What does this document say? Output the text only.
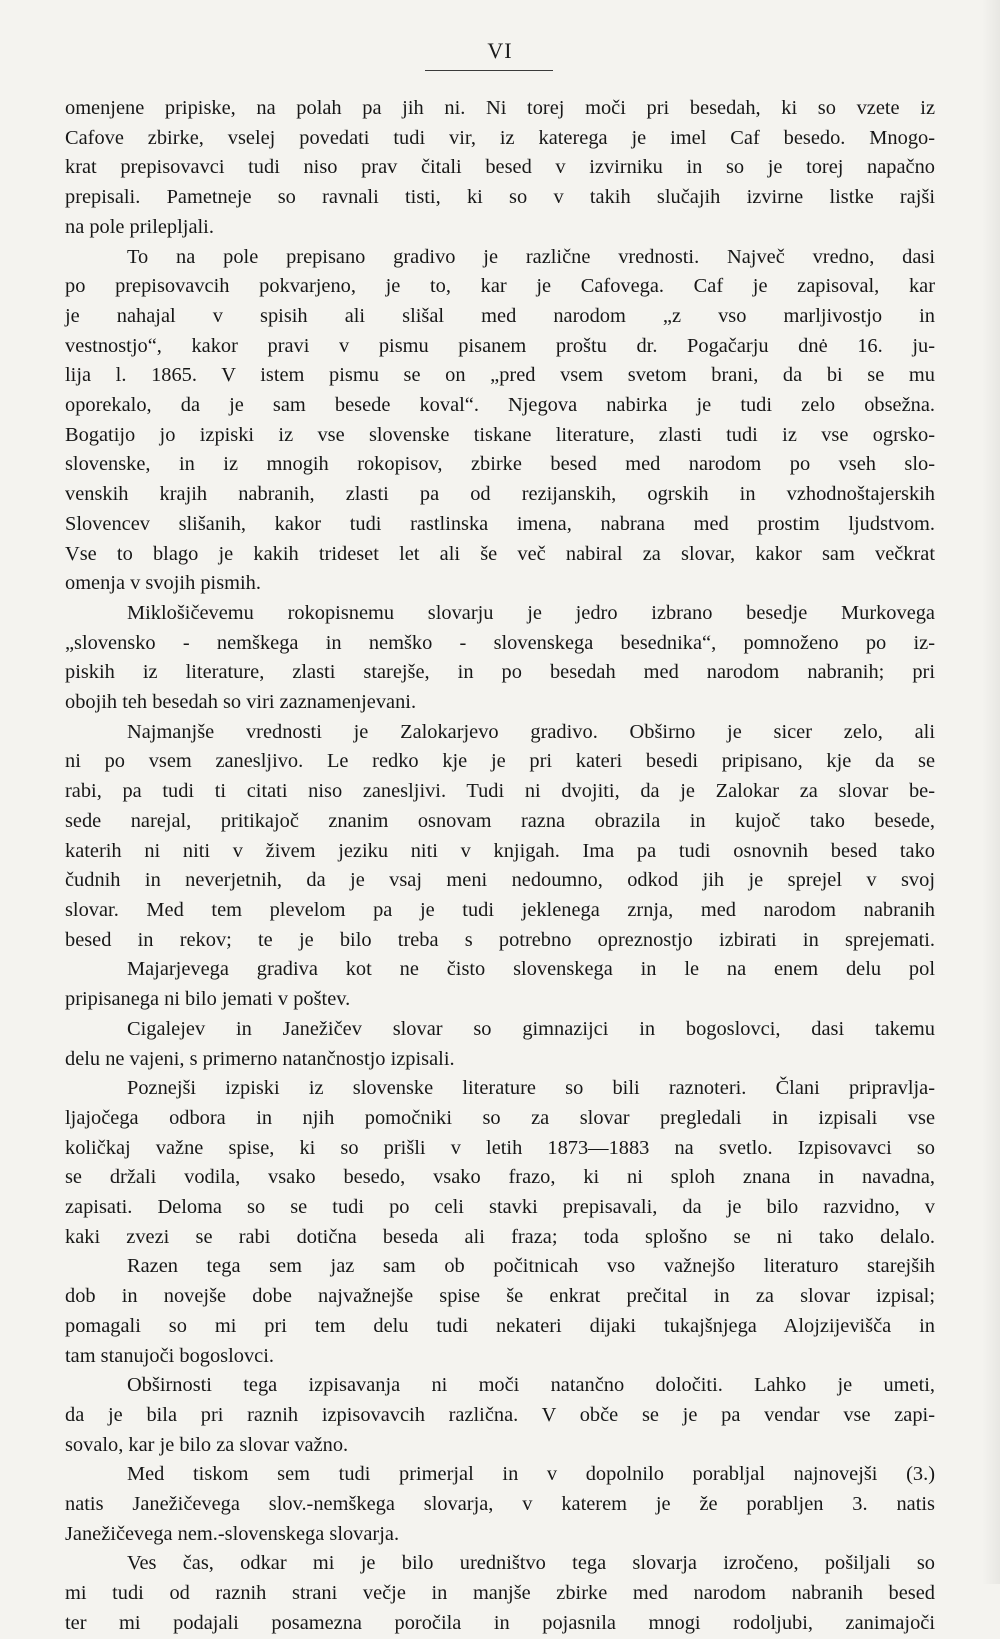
VI
omenjene pripiske, na polah pa jih ni. Ni torej moči pri besedah, ki so vzete iz
Cafove zbirke, vselej povedati tudi vir, iz katerega je imel Caf besedo. Mnogo-
krat prepisovavci tudi niso prav čitali besed v izvirniku in so je torej napačno
prepisali. Pametneje so ravnali tisti, ki so v takih slučajih izvirne listke rajši
na pole prilepljali.
To na pole prepisano gradivo je različne vrednosti. Največ vredno, dasi
po prepisovavcih pokvarjeno, je to, kar je Cafovega. Caf je zapisoval, kar
je nahajal v spisih ali slišal med narodom „z vso marljivostjo in
vestnostjo“, kakor pravi v pismu pisanem proštu dr. Pogačarju dnė 16. ju-
lija l. 1865. V istem pismu se on „pred vsem svetom brani, da bi se mu
oporekalo, da je sam besede koval“. Njegova nabirka je tudi zelo obsežna.
Bogatijo jo izpiski iz vse slovenske tiskane literature, zlasti tudi iz vse ogrsko-
slovenske, in iz mnogih rokopisov, zbirke besed med narodom po vseh slo-
venskih krajih nabranih, zlasti pa od rezijanskih, ogrskih in vzhodnoštajerskih
Slovencev slišanih, kakor tudi rastlinska imena, nabrana med prostim ljudstvom.
Vse to blago je kakih trideset let ali še več nabiral za slovar, kakor sam večkrat
omenja v svojih pismih.
Miklošičevemu rokopisnemu slovarju je jedro izbrano besedje Murkovega
„slovensko - nemškega in nemško - slovenskega besednika“, pomnoženo po iz-
piskih iz literature, zlasti starejše, in po besedah med narodom nabranih; pri
obojih teh besedah so viri zaznamenjevani.
Najmanjše vrednosti je Zalokarjevo gradivo. Obširno je sicer zelo, ali
ni po vsem zanesljivo. Le redko kje je pri kateri besedi pripisano, kje da se
rabi, pa tudi ti citati niso zanesljivi. Tudi ni dvojiti, da je Zalokar za slovar be-
sede narejal, pritikajoč znanim osnovam razna obrazila in kujoč tako besede,
katerih ni niti v živem jeziku niti v knjigah. Ima pa tudi osnovnih besed tako
čudnih in neverjetnih, da je vsaj meni nedoumno, odkod jih je sprejel v svoj
slovar. Med tem plevelom pa je tudi jeklenega zrnja, med narodom nabranih
besed in rekov; te je bilo treba s potrebno opreznostjo izbirati in sprejemati.
Majarjevega gradiva kot ne čisto slovenskega in le na enem delu pol
pripisanega ni bilo jemati v poštev.
Cigalejev in Janežičev slovar so gimnazijci in bogoslovci, dasi takemu
delu ne vajeni, s primerno natančnostjo izpisali.
Poznejši izpiski iz slovenske literature so bili raznoteri. Člani pripravlja-
ljajočega odbora in njih pomočniki so za slovar pregledali in izpisali vse
količkaj važne spise, ki so prišli v letih 1873—1883 na svetlo. Izpisovavci so
se držali vodila, vsako besedo, vsako frazo, ki ni sploh znana in navadna,
zapisati. Deloma so se tudi po celi stavki prepisavali, da je bilo razvidno, v
kaki zvezi se rabi dotična beseda ali fraza; toda splošno se ni tako delalo.
Razen tega sem jaz sam ob počitnicah vso važnejšo literaturo starejših
dob in novejše dobe najvažnejše spise še enkrat prečital in za slovar izpisal;
pomagali so mi pri tem delu tudi nekateri dijaki tukajšnjega Alojzijevišča in
tam stanujoči bogoslovci.
Obširnosti tega izpisavanja ni moči natančno določiti. Lahko je umeti,
da je bila pri raznih izpisovavcih različna. V obče se je pa vendar vse zapi-
sovalo, kar je bilo za slovar važno.
Med tiskom sem tudi primerjal in v dopolnilo porabljal najnovejši (3.)
natis Janežičevega slov.-nemškega slovarja, v katerem je že porabljen 3. natis
Janežičevega nem.-slovenskega slovarja.
Ves čas, odkar mi je bilo uredništvo tega slovarja izročeno, pošiljali so
mi tudi od raznih strani večje in manjše zbirke med narodom nabranih besed
ter mi podajali posamezna poročila in pojasnila mnogi rodoljubi, zanimajoči
